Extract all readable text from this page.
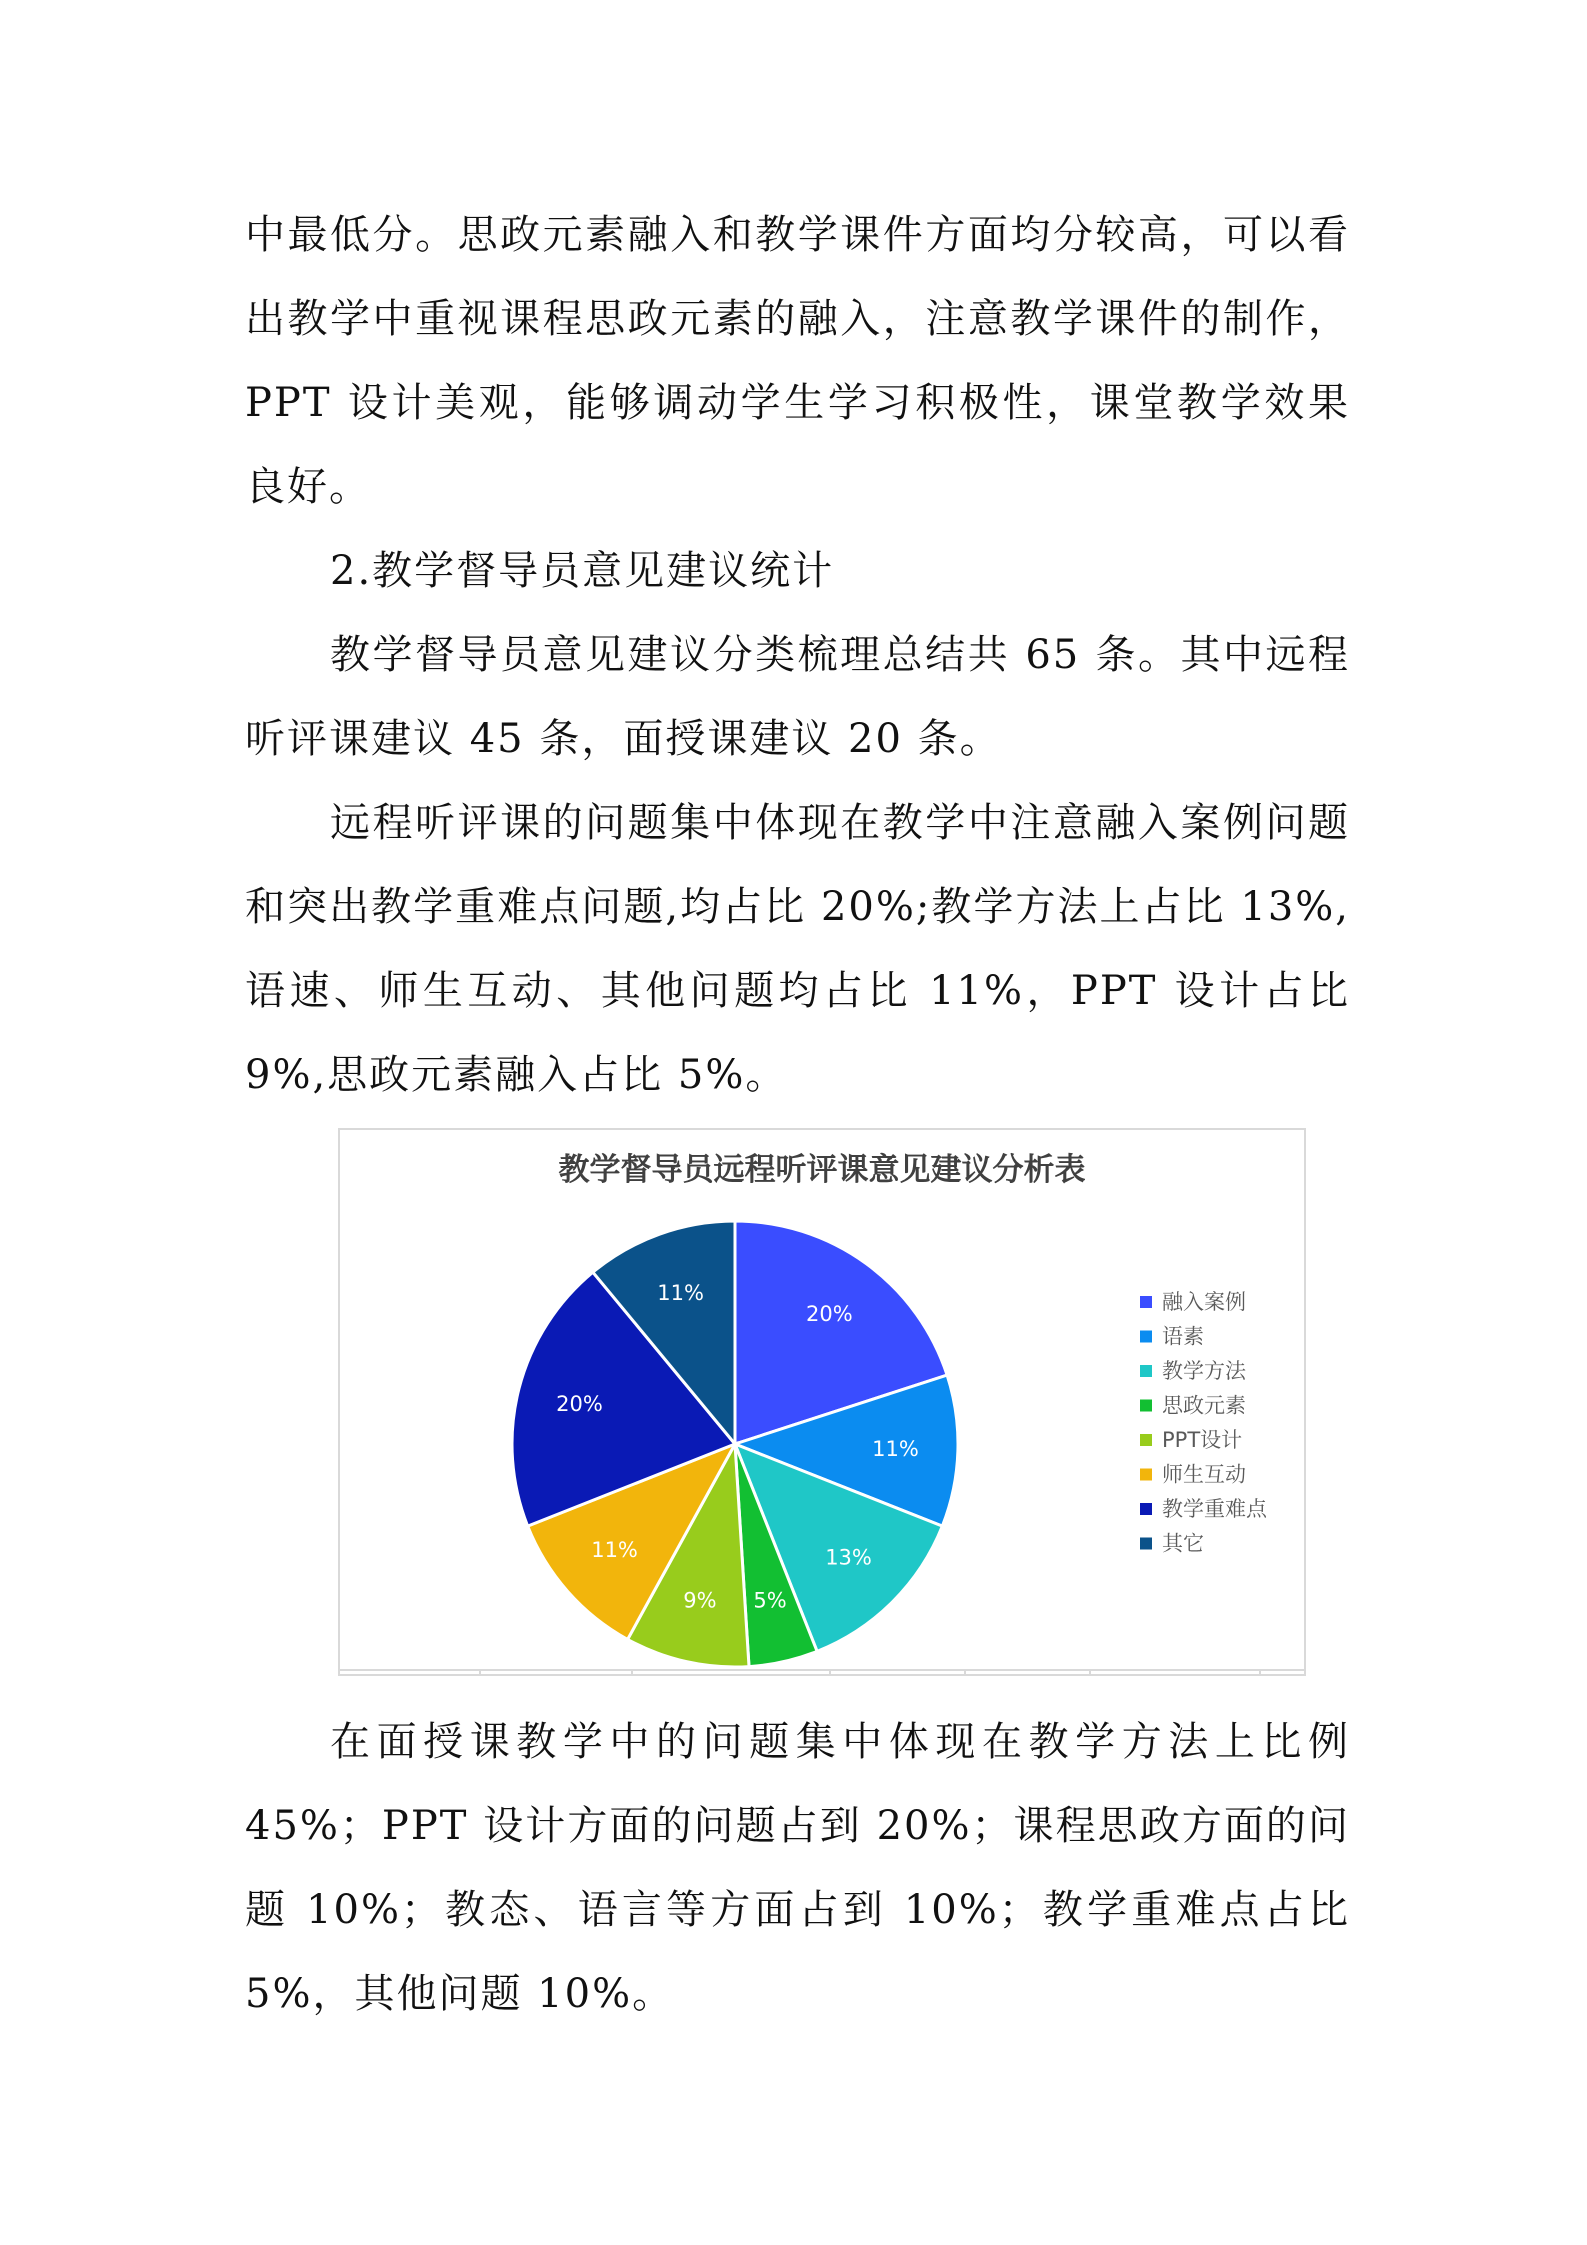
中最低分。思政元素融入和教学课件方面均分较高，可以看出教学中重视课程思政元素的融入，注意教学课件的制作，PPT 设计美观，能够调动学生学习积极性，课堂教学效果良好。

2.教学督导员意见建议统计

教学督导员意见建议分类梳理总结共 65 条。其中远程听评课建议 45 条，面授课建议 20 条。

远程听评课的问题集中体现在教学中注意融入案例问题和突出教学重难点问题,均占比 20%;教学方法上占比 13%,语速、师生互动、其他问题均占比 11%，PPT 设计占比 9%,思政元素融入占比 5%。

教学督导员远程听评课意见建议分析表
20%
11%
13%
5%
9%
11%
20%
11%	融入案例
语素
教学方法
思政元素
PPT设计
师生互动
教学重难点
其它

在面授课教学中的问题集中体现在教学方法上比例 45%；PPT 设计方面的问题占到 20%；课程思政方面的问题 10%；教态、语言等方面占到 10%；教学重难点占比 5%，其他问题 10%。
